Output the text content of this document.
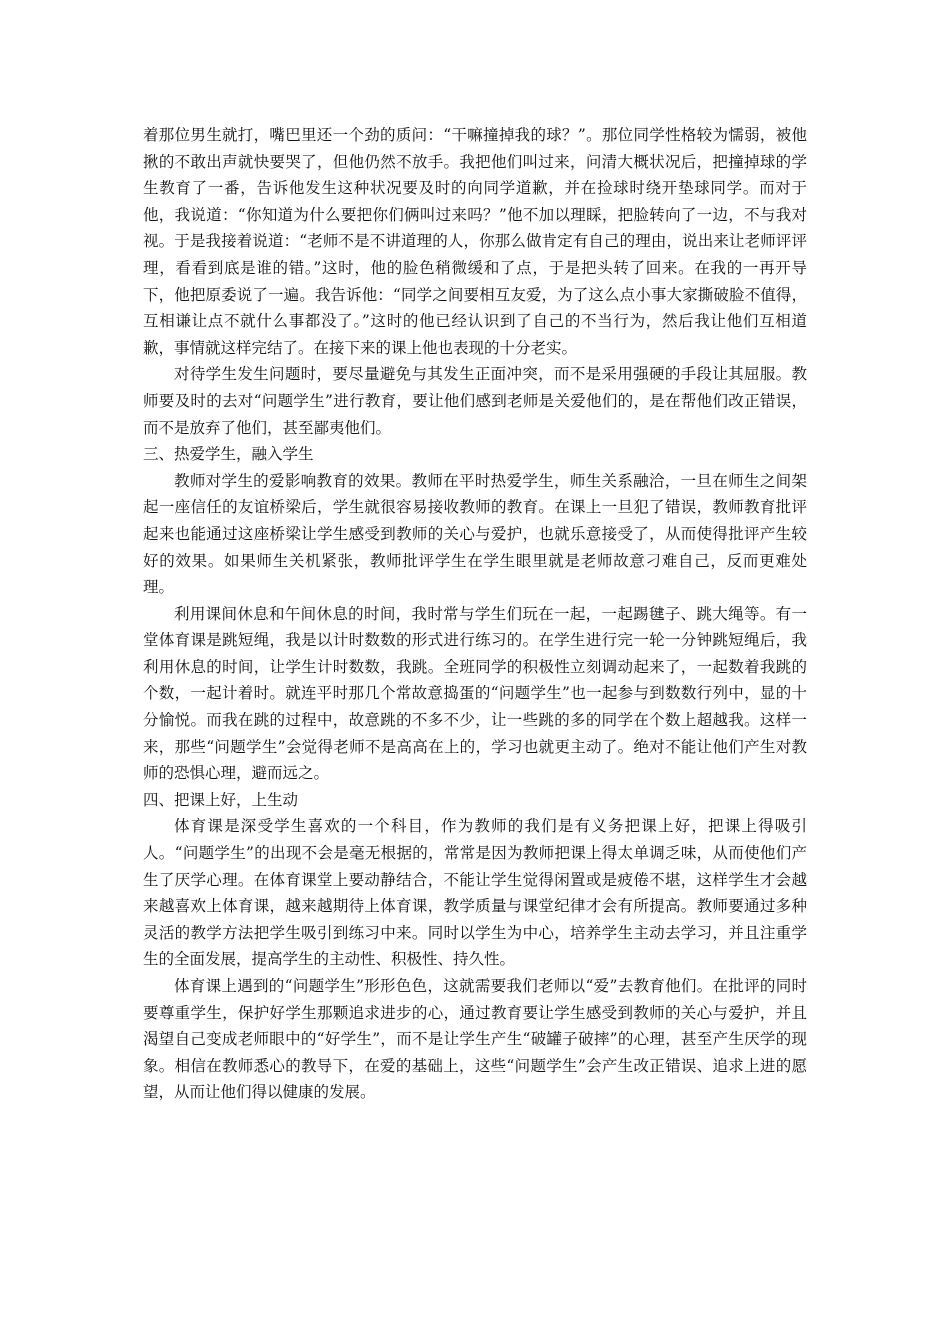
着那位男生就打，嘴巴里还一个劲的质问：“干嘛撞掉我的球？”。那位同学性格较为懦弱，被他揪的不敢出声就快要哭了，但他仍然不放手。我把他们叫过来，问清大概状况后，把撞掉球的学生教育了一番，告诉他发生这种状况要及时的向同学道歉，并在捡球时绕开垫球同学。而对于他，我说道：“你知道为什么要把你们俩叫过来吗？”他不加以理睬，把脸转向了一边，不与我对视。于是我接着说道：“老师不是不讲道理的人，你那么做肯定有自己的理由，说出来让老师评评理，看看到底是谁的错。”这时，他的脸色稍微缓和了点，于是把头转了回来。在我的一再开导下，他把原委说了一遍。我告诉他：“同学之间要相互友爱，为了这么点小事大家撕破脸不值得，互相谦让点不就什么事都没了。”这时的他已经认识到了自己的不当行为，然后我让他们互相道歉，事情就这样完结了。在接下来的课上他也表现的十分老实。

对待学生发生问题时，要尽量避免与其发生正面冲突，而不是采用强硬的手段让其屈服。教师要及时的去对“问题学生”进行教育，要让他们感到老师是关爱他们的，是在帮他们改正错误，而不是放弃了他们，甚至鄙夷他们。

三、热爱学生，融入学生

教师对学生的爱影响教育的效果。教师在平时热爱学生，师生关系融洽，一旦在师生之间架起一座信任的友谊桥梁后，学生就很容易接收教师的教育。在课上一旦犯了错误，教师教育批评起来也能通过这座桥梁让学生感受到教师的关心与爱护，也就乐意接受了，从而使得批评产生较好的效果。如果师生关机紧张，教师批评学生在学生眼里就是老师故意刁难自己，反而更难处理。

利用课间休息和午间休息的时间，我时常与学生们玩在一起，一起踢毽子、跳大绳等。有一堂体育课是跳短绳，我是以计时数数的形式进行练习的。在学生进行完一轮一分钟跳短绳后，我利用休息的时间，让学生计时数数，我跳。全班同学的积极性立刻调动起来了，一起数着我跳的个数，一起计着时。就连平时那几个常故意捣蛋的“问题学生”也一起参与到数数行列中，显的十分愉悦。而我在跳的过程中，故意跳的不多不少，让一些跳的多的同学在个数上超越我。这样一来，那些“问题学生”会觉得老师不是高高在上的，学习也就更主动了。绝对不能让他们产生对教师的恐惧心理，避而远之。

四、把课上好，上生动

体育课是深受学生喜欢的一个科目，作为教师的我们是有义务把课上好，把课上得吸引人。“问题学生”的出现不会是毫无根据的，常常是因为教师把课上得太单调乏味，从而使他们产生了厌学心理。在体育课堂上要动静结合，不能让学生觉得闲置或是疲倦不堪，这样学生才会越来越喜欢上体育课，越来越期待上体育课，教学质量与课堂纪律才会有所提高。教师要通过多种灵活的教学方法把学生吸引到练习中来。同时以学生为中心，培养学生主动去学习，并且注重学生的全面发展，提高学生的主动性、积极性、持久性。

体育课上遇到的“问题学生”形形色色，这就需要我们老师以“爱”去教育他们。在批评的同时要尊重学生，保护好学生那颗追求进步的心，通过教育要让学生感受到教师的关心与爱护，并且渴望自己变成老师眼中的“好学生”，而不是让学生产生“破罐子破摔”的心理，甚至产生厌学的现象。相信在教师悉心的教导下，在爱的基础上，这些“问题学生”会产生改正错误、追求上进的愿望，从而让他们得以健康的发展。
